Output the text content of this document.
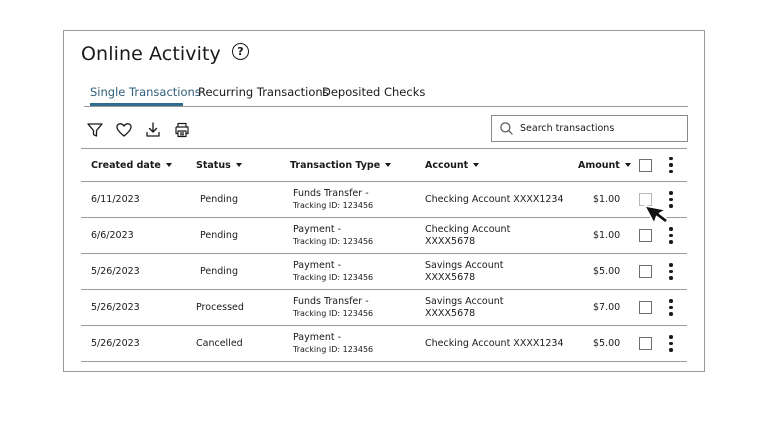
Online Activity	?
Single Transactions
Recurring Transactions
Deposited Checks
Search transactions
Created date	Status	Transaction Type	Account	Amount
6/11/2023	Pending
Funds Transfer -
Tracking ID: 123456
Checking Account XXXX1234	$1.00
6/6/2023	Pending
Payment -
Tracking ID: 123456
Checking Account
XXXX5678	$1.00
5/26/2023	Pending
Payment -
Tracking ID: 123456
Savings Account
XXXX5678	$5.00
5/26/2023	Processed
Funds Transfer -
Tracking ID: 123456
Savings Account
XXXX5678	$7.00
5/26/2023	Cancelled
Payment -
Tracking ID: 123456
Checking Account XXXX1234	$5.00
